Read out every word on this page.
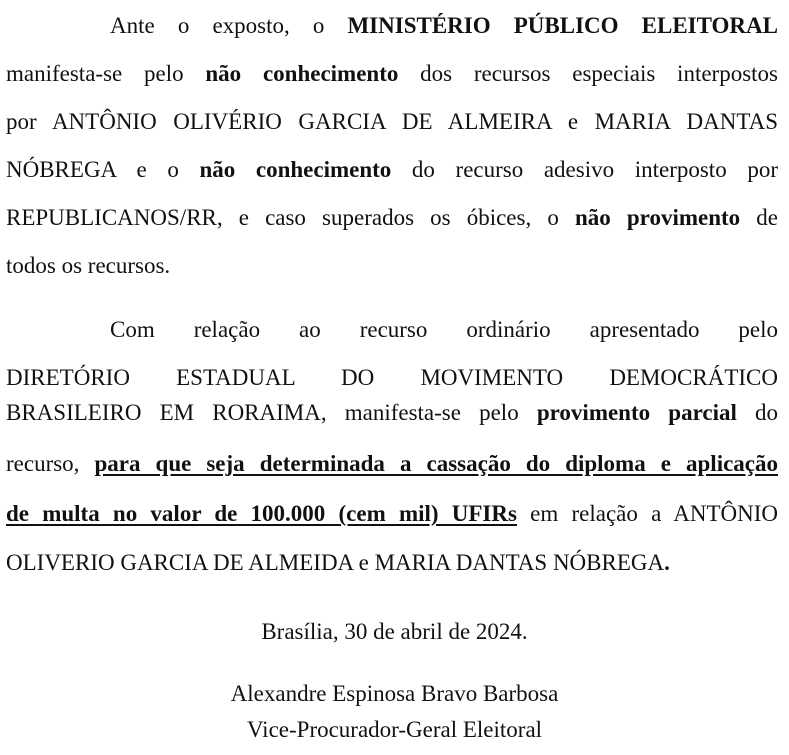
Ante o exposto, o MINISTÉRIO PÚBLICO ELEITORAL
manifesta-se pelo não conhecimento dos recursos especiais interpostos
por ANTÔNIO OLIVÉRIO GARCIA DE ALMEIRA e MARIA DANTAS
NÓBREGA e o não conhecimento do recurso adesivo interposto por
REPUBLICANOS/RR, e caso superados os óbices, o não provimento de
todos os recursos.
Com relação ao recurso ordinário apresentado pelo
DIRETÓRIO ESTADUAL DO MOVIMENTO DEMOCRÁTICO
BRASILEIRO EM RORAIMA, manifesta-se pelo provimento parcial do
recurso, para que seja determinada a cassação do diploma e aplicação
de multa no valor de 100.000 (cem mil) UFIRs em relação a ANTÔNIO
OLIVERIO GARCIA DE ALMEIDA e MARIA DANTAS NÓBREGA.
Brasília, 30 de abril de 2024.
Alexandre Espinosa Bravo Barbosa
Vice-Procurador-Geral Eleitoral
